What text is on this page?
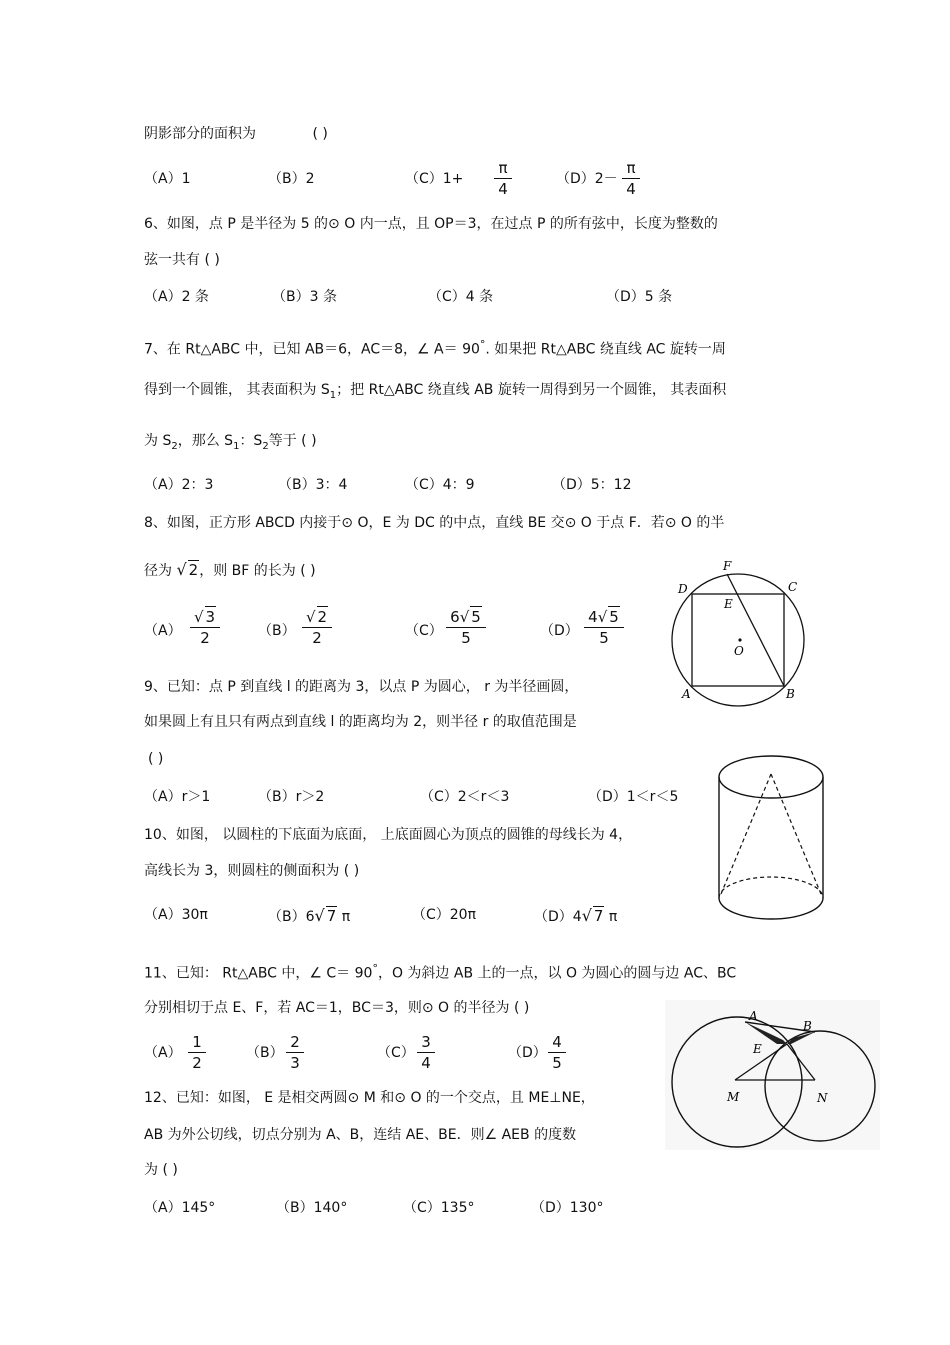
阴影部分的面积为	( )
（A）1	（B）2	$(C)1+ \frac{\pi}{4}$	$(D)2- \frac{\pi}{4}$
6、如图，点 P 是半径为 5 的⊙ O 内一点，且 OP＝3，在过点 P 的所有弦中，长度为整数的
弦一共有 ( )
（A）2 条	（B）3 条	（C）4 条	（D）5 条
7、在 Rt△ABC 中，已知 AB＝6，AC＝8，∠ A＝ 90°. 如果把 Rt△ABC 绕直线 AC 旋转一周
得到一个圆锥， 其表面积为 $S_1$；把 Rt△ABC 绕直线 AB 旋转一周得到另一个圆锥， 其表面积
为 $S_2$，那么 $S_1$：$S_2$等于 ( )
（A）2：3	（B）3：4	（C）4：9	（D）5：12
8、如图，正方形 ABCD 内接于⊙ O，E 为 DC 的中点，直线 BE 交⊙ O 于点 F．若⊙ O 的半
径为 √ 2，则 BF 的长为 ( )
$(A) \frac{√ 3}{2}$	$(B) \frac{√ 2}{2}$	$(C) \frac{6√ 5}{5}$	$(D) \frac{4√ 5}{5}$
F
D	C
E
O
A	B
9、已知：点 P 到直线 l 的距离为 3，以点 P 为圆心， r 为半径画圆，
如果圆上有且只有两点到直线 l 的距离均为 2，则半径 r 的取值范围是
( )
（A）r＞1	（B）r＞2	（C）2＜r＜3	（D）1＜r＜5
10、如图， 以圆柱的下底面为底面， 上底面圆心为顶点的圆锥的母线长为 4，
高线长为 3，则圆柱的侧面积为 ( )
（A）30π	（B）6√ 7 π	（C）20π	（D）4√ 7 π
11、已知： Rt△ABC 中，∠ C＝ 90°，O 为斜边 AB 上的一点，以 O 为圆心的圆与边 AC、BC
分别相切于点 E、F，若 AC＝1，BC＝3，则⊙ O 的半径为 ( )
$(A) \frac{1}{2}$	$(B) \frac{2}{3}$	$(C) \frac{3}{4}$	$(D) \frac{4}{5}$
A
B
E
M	N
12、已知：如图， E 是相交两圆⊙ M 和⊙ O 的一个交点，且 ME⊥NE，
AB 为外公切线，切点分别为 A、B，连结 AE、BE．则∠ AEB 的度数
为 ( )
（A）145°	（B）140°	（C）135°	（D）130°
